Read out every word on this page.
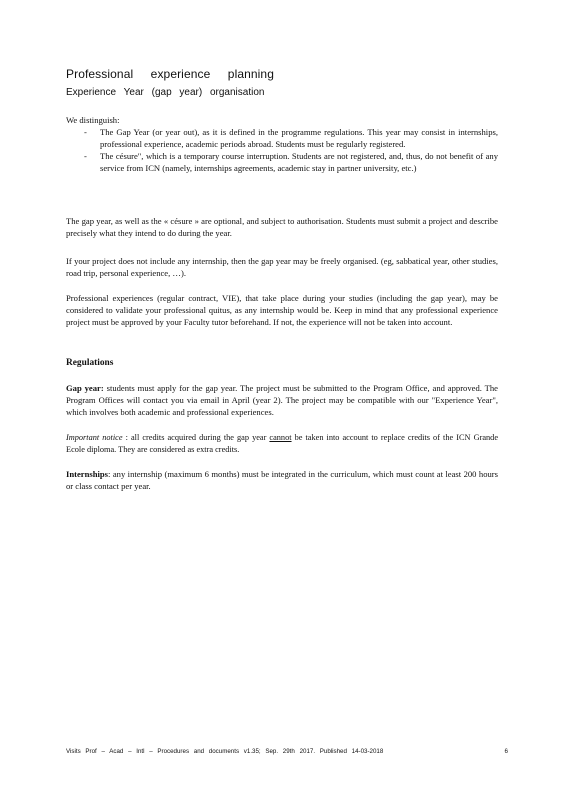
Professional experience planning
Experience Year (gap year) organisation
We distinguish:
- The Gap Year (or year out), as it is defined in the programme regulations. This year may consist in internships, professional experience, academic periods abroad. Students must be regularly registered.
- The césure", which is a temporary course interruption. Students are not registered, and, thus, do not benefit of any service from ICN (namely, internships agreements, academic stay in partner university, etc.)
The gap year, as well as the « césure » are optional, and subject to authorisation. Students must submit a project and describe precisely what they intend to do during the year.
If your project does not include any internship, then the gap year may be freely organised. (eg, sabbatical year, other studies, road trip, personal experience, …).
Professional experiences (regular contract, VIE), that take place during your studies (including the gap year), may be considered to validate your professional quitus, as any internship would be. Keep in mind that any professional experience project must be approved by your Faculty tutor beforehand. If not, the experience will not be taken into account.
Regulations
Gap year: students must apply for the gap year. The project must be submitted to the Program Office, and approved. The Program Offices will contact you via email in April (year 2). The project may be compatible with our "Experience Year", which involves both academic and professional experiences.
Important notice : all credits acquired during the gap year cannot be taken into account to replace credits of the ICN Grande Ecole diploma. They are considered as extra credits.
Internships: any internship (maximum 6 months) must be integrated in the curriculum, which must count at least 200 hours or class contact per year.
Visits Prof – Acad – Intl – Procedures and documents v1.35; Sep. 29th 2017. Published 14-03-2018	6
